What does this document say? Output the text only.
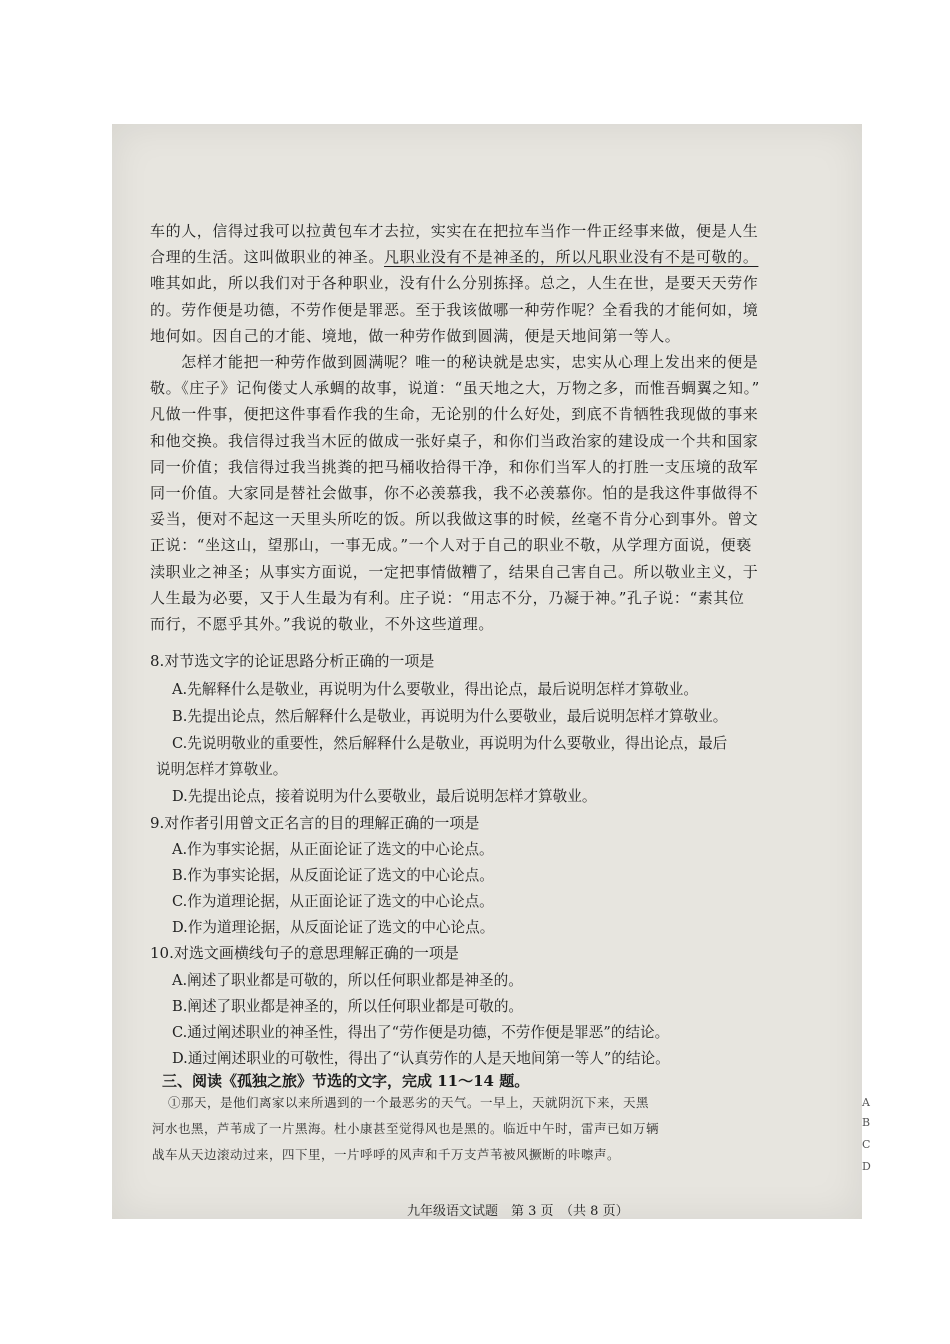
车的人，信得过我可以拉黄包车才去拉，实实在在把拉车当作一件正经事来做，便是人生
合理的生活。这叫做职业的神圣。凡职业没有不是神圣的，所以凡职业没有不是可敬的。
唯其如此，所以我们对于各种职业，没有什么分别拣择。总之，人生在世，是要天天劳作
的。劳作便是功德，不劳作便是罪恶。至于我该做哪一种劳作呢？全看我的才能何如，境
地何如。因自己的才能、境地，做一种劳作做到圆满，便是天地间第一等人。
　　怎样才能把一种劳作做到圆满呢？唯一的秘诀就是忠实，忠实从心理上发出来的便是
敬。《庄子》记佝偻丈人承蜩的故事，说道：“虽天地之大，万物之多，而惟吾蜩翼之知。”
凡做一件事，便把这件事看作我的生命，无论别的什么好处，到底不肯牺牲我现做的事来
和他交换。我信得过我当木匠的做成一张好桌子，和你们当政治家的建设成一个共和国家
同一价值；我信得过我当挑粪的把马桶收拾得干净，和你们当军人的打胜一支压境的敌军
同一价值。大家同是替社会做事，你不必羡慕我，我不必羡慕你。怕的是我这件事做得不
妥当，便对不起这一天里头所吃的饭。所以我做这事的时候，丝毫不肯分心到事外。曾文
正说：“坐这山，望那山，一事无成。”一个人对于自己的职业不敬，从学理方面说，便亵
渎职业之神圣；从事实方面说，一定把事情做糟了，结果自己害自己。所以敬业主义，于
人生最为必要，又于人生最为有利。庄子说：“用志不分，乃凝于神。”孔子说：“素其位
而行，不愿乎其外。”我说的敬业，不外这些道理。
8.对节选文字的论证思路分析正确的一项是
A.先解释什么是敬业，再说明为什么要敬业，得出论点，最后说明怎样才算敬业。
B.先提出论点，然后解释什么是敬业，再说明为什么要敬业，最后说明怎样才算敬业。
C.先说明敬业的重要性，然后解释什么是敬业，再说明为什么要敬业，得出论点，最后
说明怎样才算敬业。
D.先提出论点，接着说明为什么要敬业，最后说明怎样才算敬业。
9.对作者引用曾文正名言的目的理解正确的一项是
A.作为事实论据，从正面论证了选文的中心论点。
B.作为事实论据，从反面论证了选文的中心论点。
C.作为道理论据，从正面论证了选文的中心论点。
D.作为道理论据，从反面论证了选文的中心论点。
10.对选文画横线句子的意思理解正确的一项是
A.阐述了职业都是可敬的，所以任何职业都是神圣的。
B.阐述了职业都是神圣的，所以任何职业都是可敬的。
C.通过阐述职业的神圣性，得出了“劳作便是功德，不劳作便是罪恶”的结论。
D.通过阐述职业的可敬性，得出了“认真劳作的人是天地间第一等人”的结论。
三、阅读《孤独之旅》节选的文字，完成 11～14 题。
①那天，是他们离家以来所遇到的一个最恶劣的天气。一早上，天就阴沉下来，天黑
河水也黑，芦苇成了一片黑海。杜小康甚至觉得风也是黑的。临近中午时，雷声已如万辆
战车从天边滚动过来，四下里，一片呼呼的风声和千万支芦苇被风撅断的咔嚓声。
九年级语文试题　第 3 页　（共 8 页）
A
B
C
D
